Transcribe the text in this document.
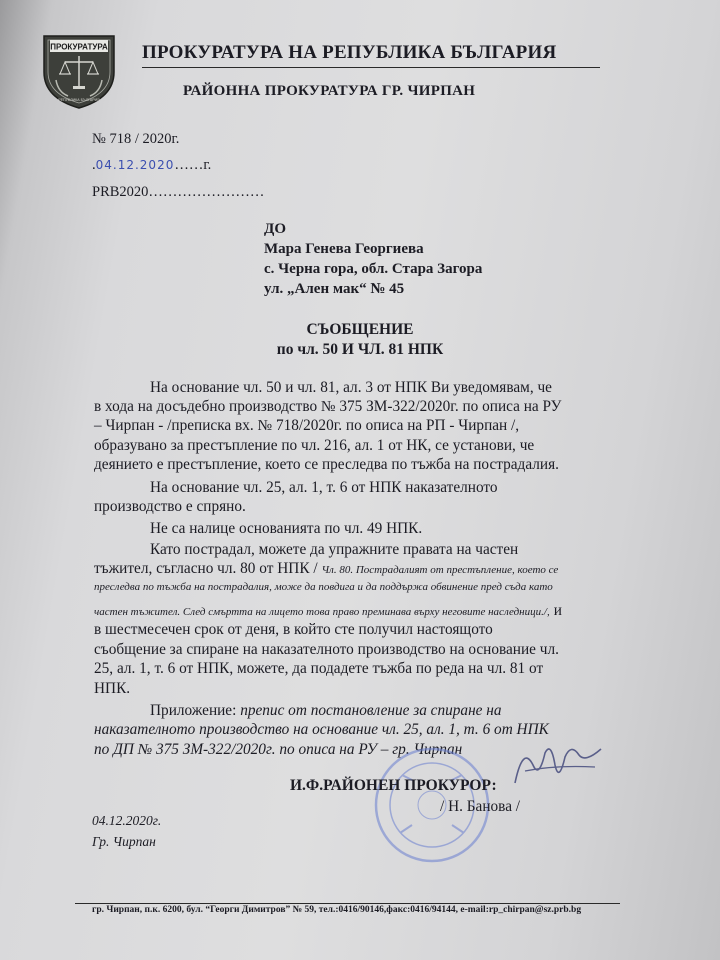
ПРОКУРАТУРА
РЕПУБЛИКА БЪЛГАРИЯ
ПРОКУРАТУРА НА РЕПУБЛИКА БЪЛГАРИЯ
РАЙОННА ПРОКУРАТУРА ГР. ЧИРПАН
№ 718 / 2020г.
.04.12.2020……г.
PRB2020……………………
ДО
Мара Генева Георгиева
с. Черна гора, обл. Стара Загора
ул. „Ален мак“ № 45
СЪОБЩЕНИЕ
по чл. 50 И ЧЛ. 81 НПК
На основание чл. 50 и чл. 81, ал. 3 от НПК Ви уведомявам, че
в хода на досъдебно производство № 375 ЗМ-322/2020г. по описа на РУ
– Чирпан - /преписка вх. № 718/2020г. по описа на РП - Чирпан /,
образувано за престъпление по чл. 216, ал. 1 от НК, се установи, че
деянието е престъпление, което се преследва по тъжба на пострадалия.
На основание чл. 25, ал. 1, т. 6 от НПК наказателното
производство е спряно.
Не са налице основанията по чл. 49 НПК.
Като пострадал, можете да упражните правата на частен
тъжител, съгласно чл. 80 от НПК / Чл. 80. Пострадалият от престъпление, което се
преследва по тъжба на пострадалия, може да повдига и да поддържа обвинение пред съда като
частен тъжител. След смъртта на лицето това право преминава върху неговите наследници./, и
в шестмесечен срок от деня, в който сте получил настоящото
съобщение за спиране на наказателното производство на основание чл.
25, ал. 1, т. 6 от НПК, можете, да подадете тъжба по реда на чл. 81 от
НПК.
Приложение: препис от постановление за спиране на
наказателното производство на основание чл. 25, ал. 1, т. 6 от НПК
по ДП № 375 ЗМ-322/2020г. по описа на РУ – гр. Чирпан
И.Ф.РАЙОНЕН ПРОКУРОР:
/ Н. Банова /
04.12.2020г.
Гр. Чирпан
гр. Чирпан, п.к. 6200, бул. “Георги Димитров” № 59, тел.:0416/90146,факс:0416/94144, e-mail:rp_chirpan@sz.prb.bg
